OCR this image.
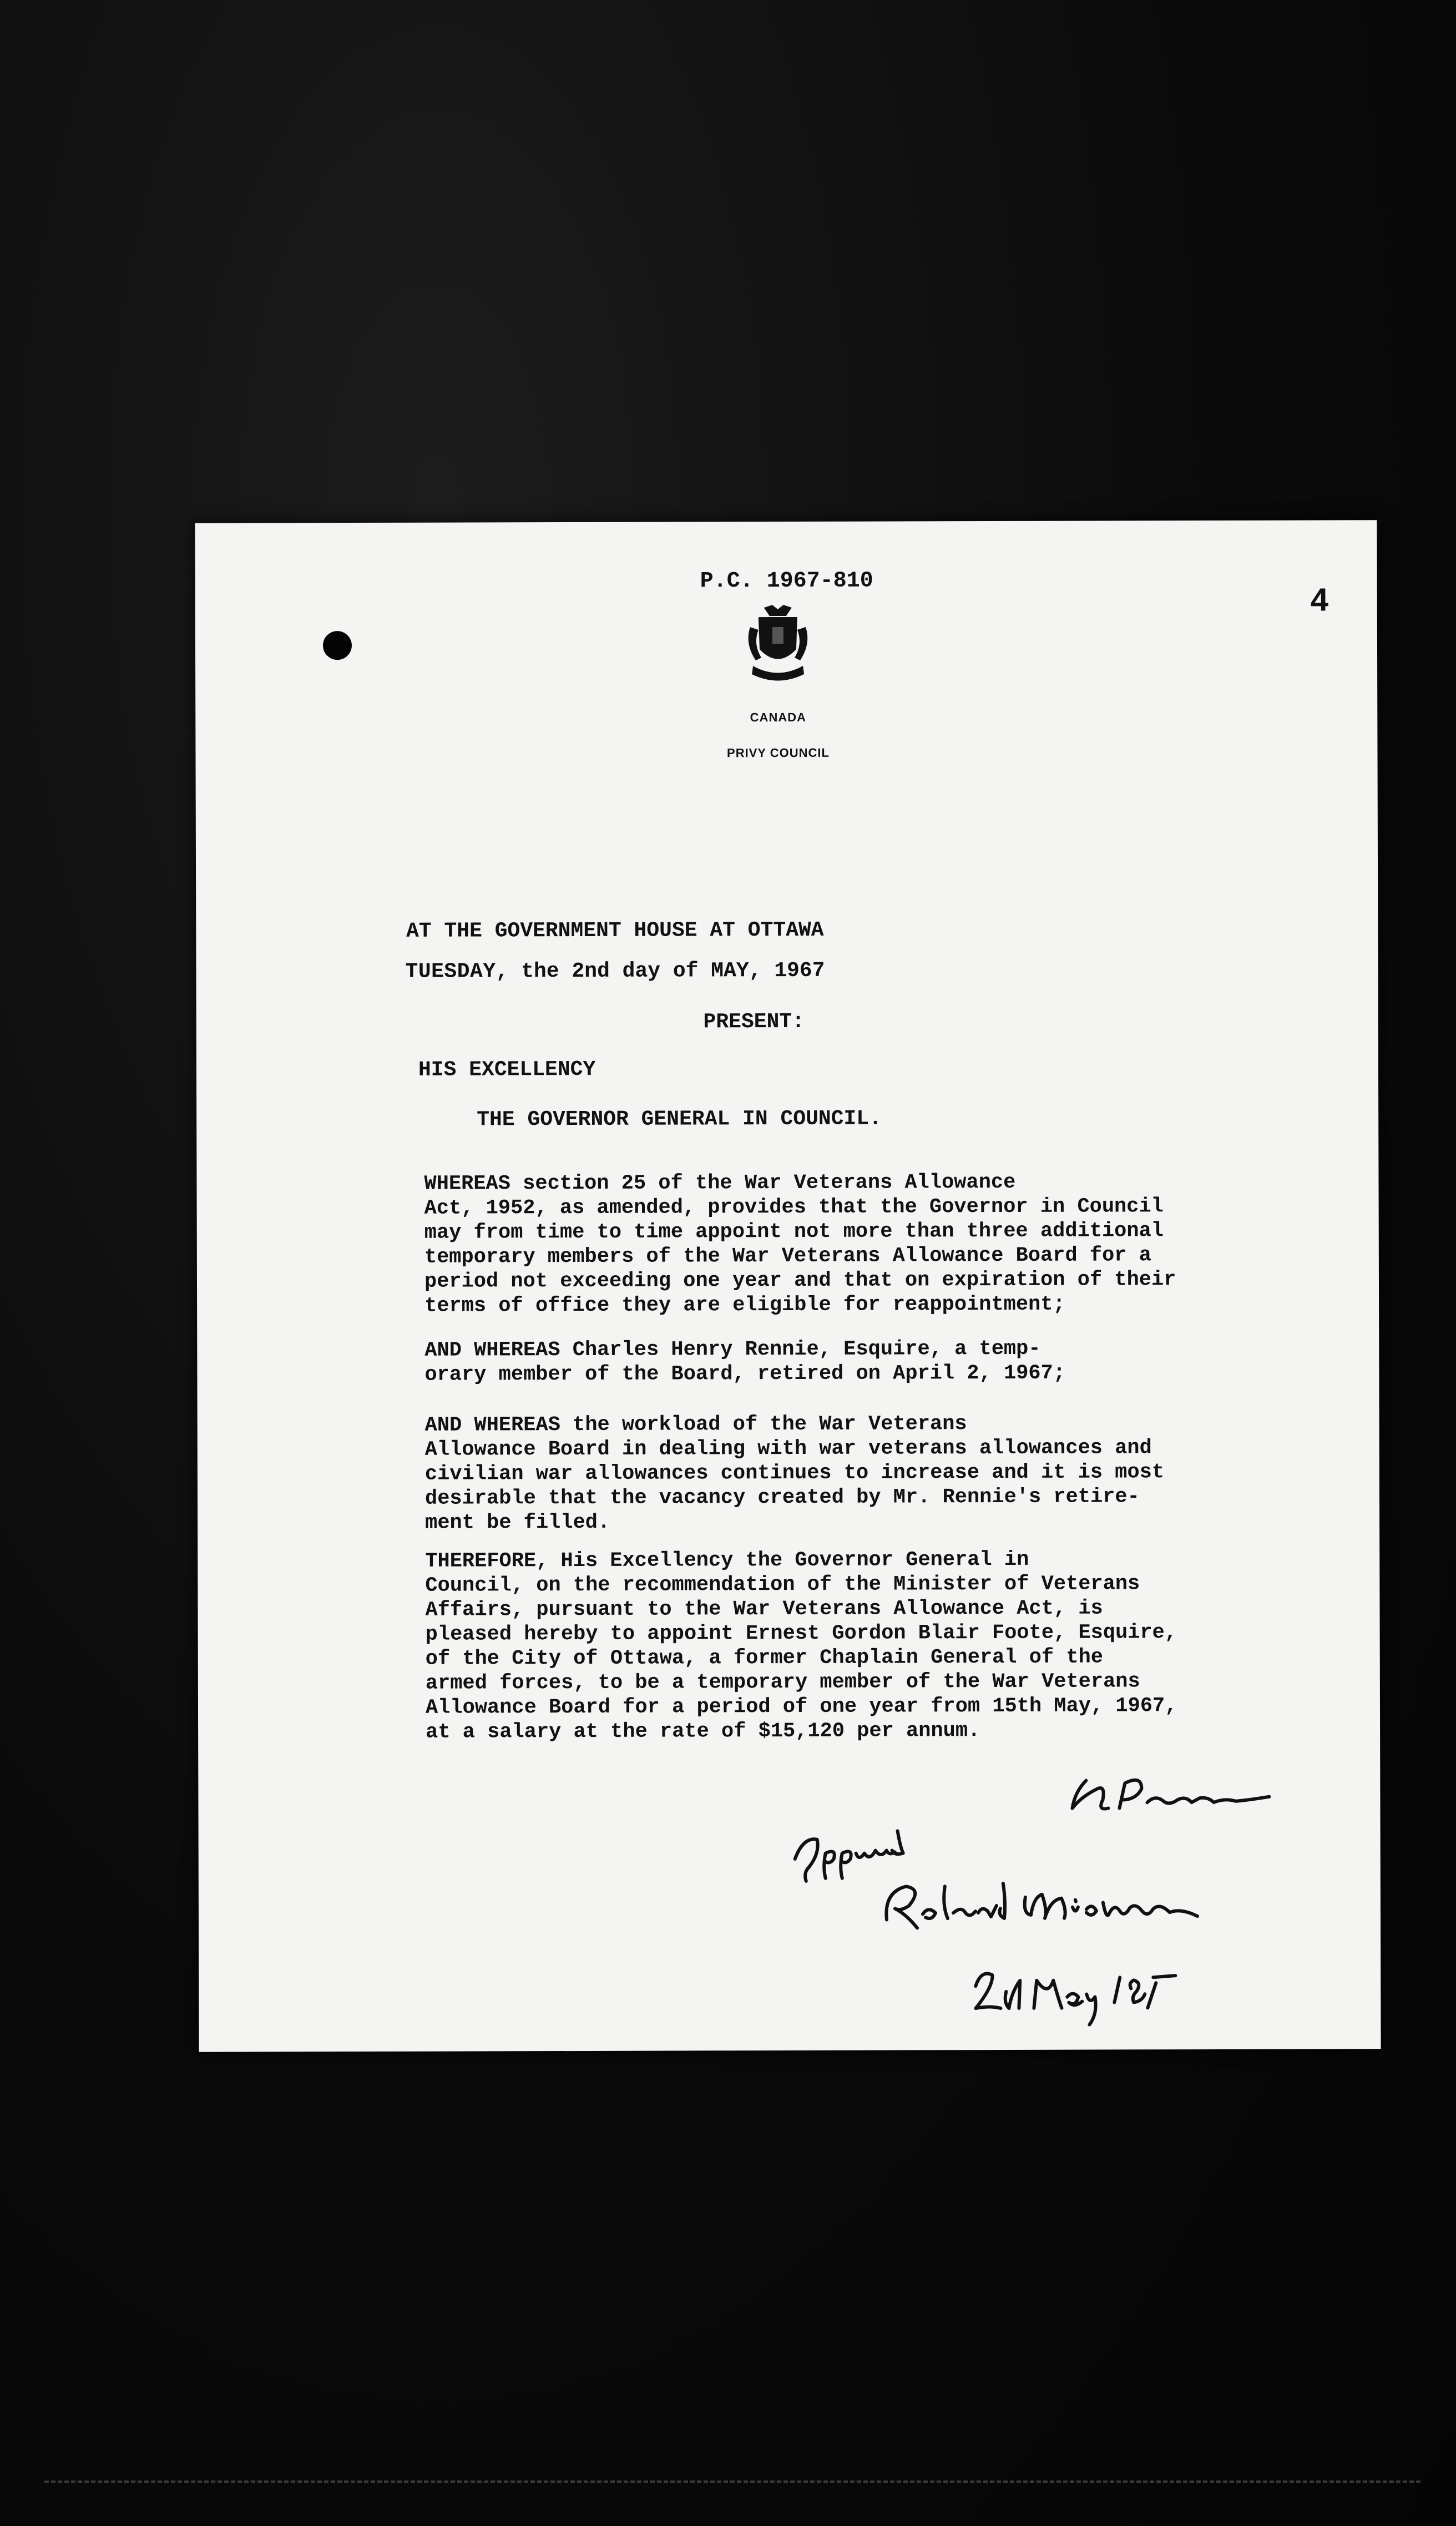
P.C. 1967-810
4
CANADA
PRIVY COUNCIL
AT THE GOVERNMENT HOUSE AT OTTAWA
TUESDAY, the 2nd day of MAY, 1967
PRESENT:
HIS EXCELLENCY
THE GOVERNOR GENERAL IN COUNCIL.
WHEREAS section 25 of the War Veterans Allowance
Act, 1952, as amended, provides that the Governor in Council
may from time to time appoint not more than three additional
temporary members of the War Veterans Allowance Board for a
period not exceeding one year and that on expiration of their
terms of office they are eligible for reappointment;
AND WHEREAS Charles Henry Rennie, Esquire, a temp-
orary member of the Board, retired on April 2, 1967;
AND WHEREAS the workload of the War Veterans
Allowance Board in dealing with war veterans allowances and
civilian war allowances continues to increase and it is most
desirable that the vacancy created by Mr. Rennie's retire-
ment be filled.
THEREFORE, His Excellency the Governor General in
Council, on the recommendation of the Minister of Veterans
Affairs, pursuant to the War Veterans Allowance Act, is
pleased hereby to appoint Ernest Gordon Blair Foote, Esquire,
of the City of Ottawa, a former Chaplain General of the
armed forces, to be a temporary member of the War Veterans
Allowance Board for a period of one year from 15th May, 1967,
at a salary at the rate of $15,120 per annum.
